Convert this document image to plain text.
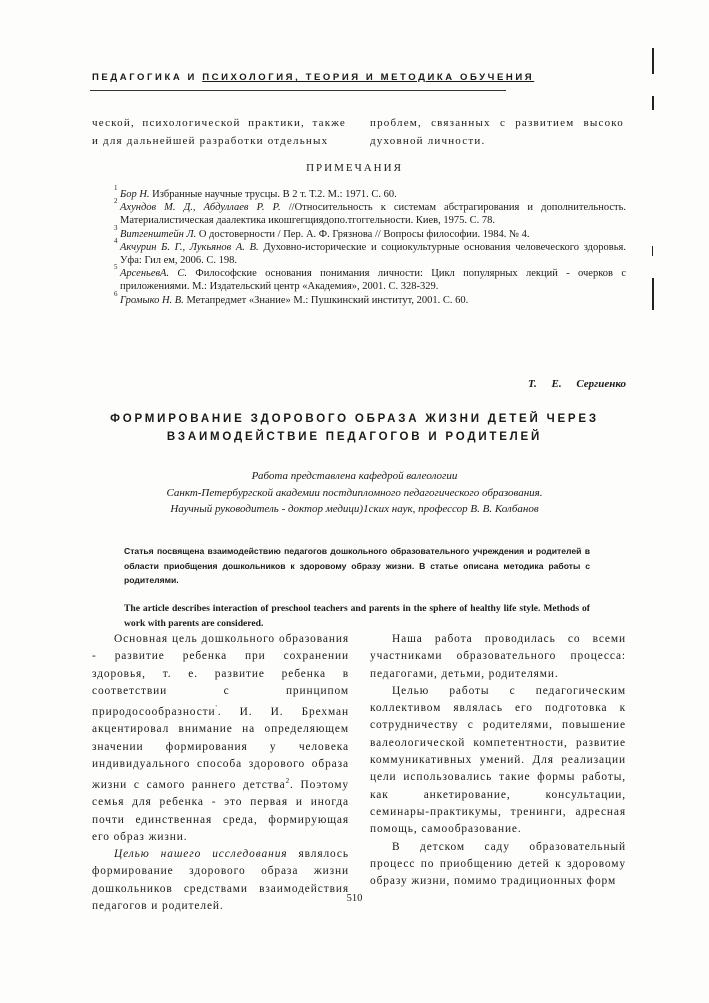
ПЕДАГОГИКА И ПСИХОЛОГИЯ, ТЕОРИЯ И МЕТОДИКА ОБУЧЕНИЯ

ческой, психологической практики, также и для дальнейшей разработки отдельных

проблем, связанных с развитием высоко духовной личности.

ПРИМЕЧАНИЯ
1
Бор Н. Избранные научные трусцы. В 2 т. Т.2. М.: 1971. С. 60.
2
Ахундов М. Д., Абдуллаев Р. Р. //Относительность к системам абстрагирования и дополнительность. Материалистическая даалектика икошгегщиядопо.тгоггельности. Киев, 1975. С. 78.
3
Витгенштейн Л. О достоверности / Пер. А. Ф. Грязнова // Вопросы философии. 1984. № 4.
4
Акчурин Б. Г., Лукьянов А. В. Духовно-исторические и социокультурные основания человеческого здоровья. Уфа: Гил ем, 2006. С. 198.
5
АрсеньевА. С. Философские основания понимания личности: Цикл популярных лекций - очерков с приложениями. М.: Издательский центр «Академия», 2001. С. 328-329.
6
Громыко Н. В. Метапредмет «Знание» М.: Пушкинский институт, 2001. С. 60.
Т. Е. Сергиенко
ФОРМИРОВАНИЕ ЗДОРОВОГО ОБРАЗА ЖИЗНИ ДЕТЕЙ ЧЕРЕЗ
ВЗАИМОДЕЙСТВИЕ ПЕДАГОГОВ И РОДИТЕЛЕЙ
Работа представлена кафедрой валеологии
Санкт-Петербургской академии постдипломного педагогического образования.
Научный руководитель - доктор медици)1ских наук, профессор В. В. Колбанов
Статья посвящена взаимодействию педагогов дошкольного образовательного учреждения и родителей в области приобщения дошкольников к здоровому образу жизни. В статье описана методика работы с родителями.
The article describes interaction of preschool teachers and parents in the sphere of healthy life style. Methods of work with parents are considered.

Основная цель дошкольного образования - развитие ребенка при сохранении здоровья, т. е. развитие ребенка в соответствии с принципом природосообразности'. И. И. Брехман акцентировал внимание на определяющем значении формирования у человека индивидуального способа здорового образа жизни с самого раннего детства$^2$. Поэтому семья для ребенка - это первая и иногда почти единственная среда, формирующая его образ жизни.

Целью нашего исследования являлось формирование здорового образа жизни дошкольников средствами взаимодействия педагогов и родителей.

Наша работа проводилась со всеми участниками образовательного процесса: педагогами, детьми, родителями.

Целью работы с педагогическим коллективом являлась его подготовка к сотрудничеству с родителями, повышение валеологической компетентности, развитие коммуникативных умений. Для реализации цели использовались такие формы работы, как анкетирование, консультации, семинары-практикумы, тренинги, адресная помощь, самообразование.

В детском саду образовательный процесс по приобщению детей к здоровому образу жизни, помимо традиционных форм

510
